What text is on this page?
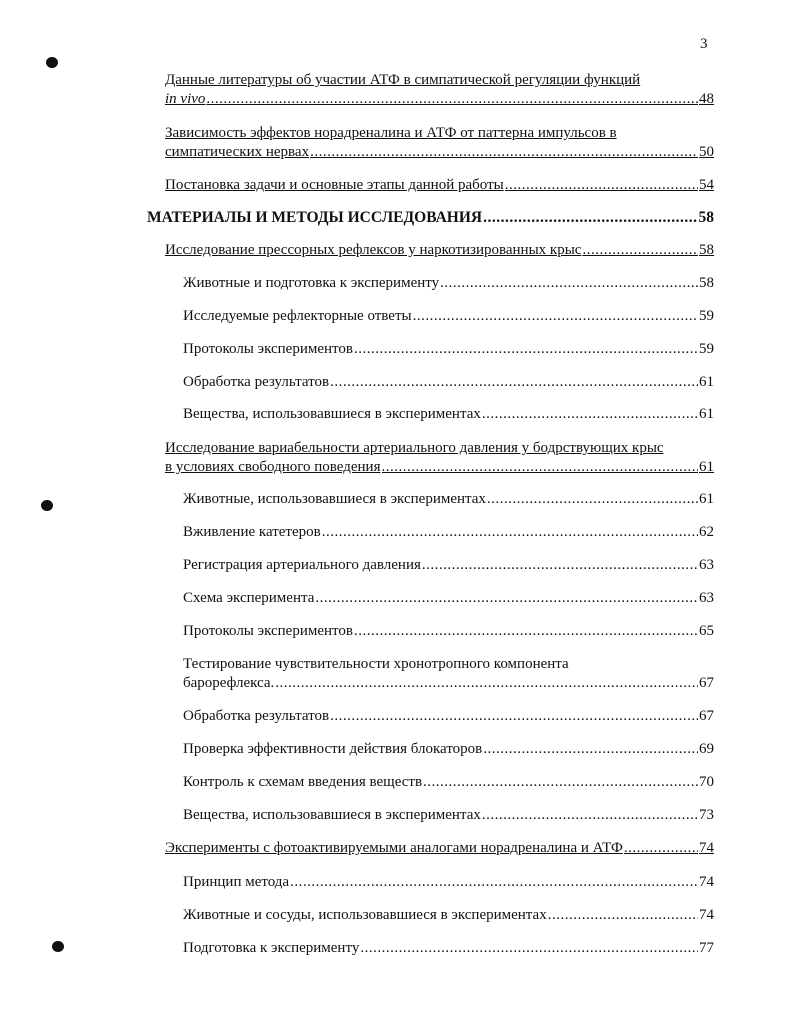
3
Данные литературы об участии АТФ в симпатической регуляции функций
in vivo .....	48
Зависимость эффектов норадреналина и АТФ от паттерна импульсов в
симпатических нервах .....	50
Постановка задачи и основные этапы данной работы .....	54
МАТЕРИАЛЫ И МЕТОДЫ ИССЛЕДОВАНИЯ .....	58
Исследование прессорных рефлексов у наркотизированных крыс .....	58
Животные и подготовка к эксперименту .....	58
Исследуемые рефлекторные ответы .....	59
Протоколы экспериментов .....	59
Обработка результатов .....	61
Вещества, использовавшиеся в экспериментах .....	61
Исследование вариабельности артериального давления у бодрствующих крыс
в условиях свободного поведения .....	61
Животные, использовавшиеся в экспериментах .....	61
Вживление катетеров .....	62
Регистрация артериального давления .....	63
Схема эксперимента .....	63
Протоколы экспериментов .....	65
Тестирование чувствительности хронотропного компонента
барорефлекса. .....	67
Обработка результатов .....	67
Проверка эффективности действия блокаторов .....	69
Контроль к схемам введения веществ .....	70
Вещества, использовавшиеся в экспериментах .....	73
Эксперименты с фотоактивируемыми аналогами норадреналина и АТФ .....	74
Принцип метода .....	74
Животные и сосуды, использовавшиеся в экспериментах .....	74
Подготовка к эксперименту .....	77
